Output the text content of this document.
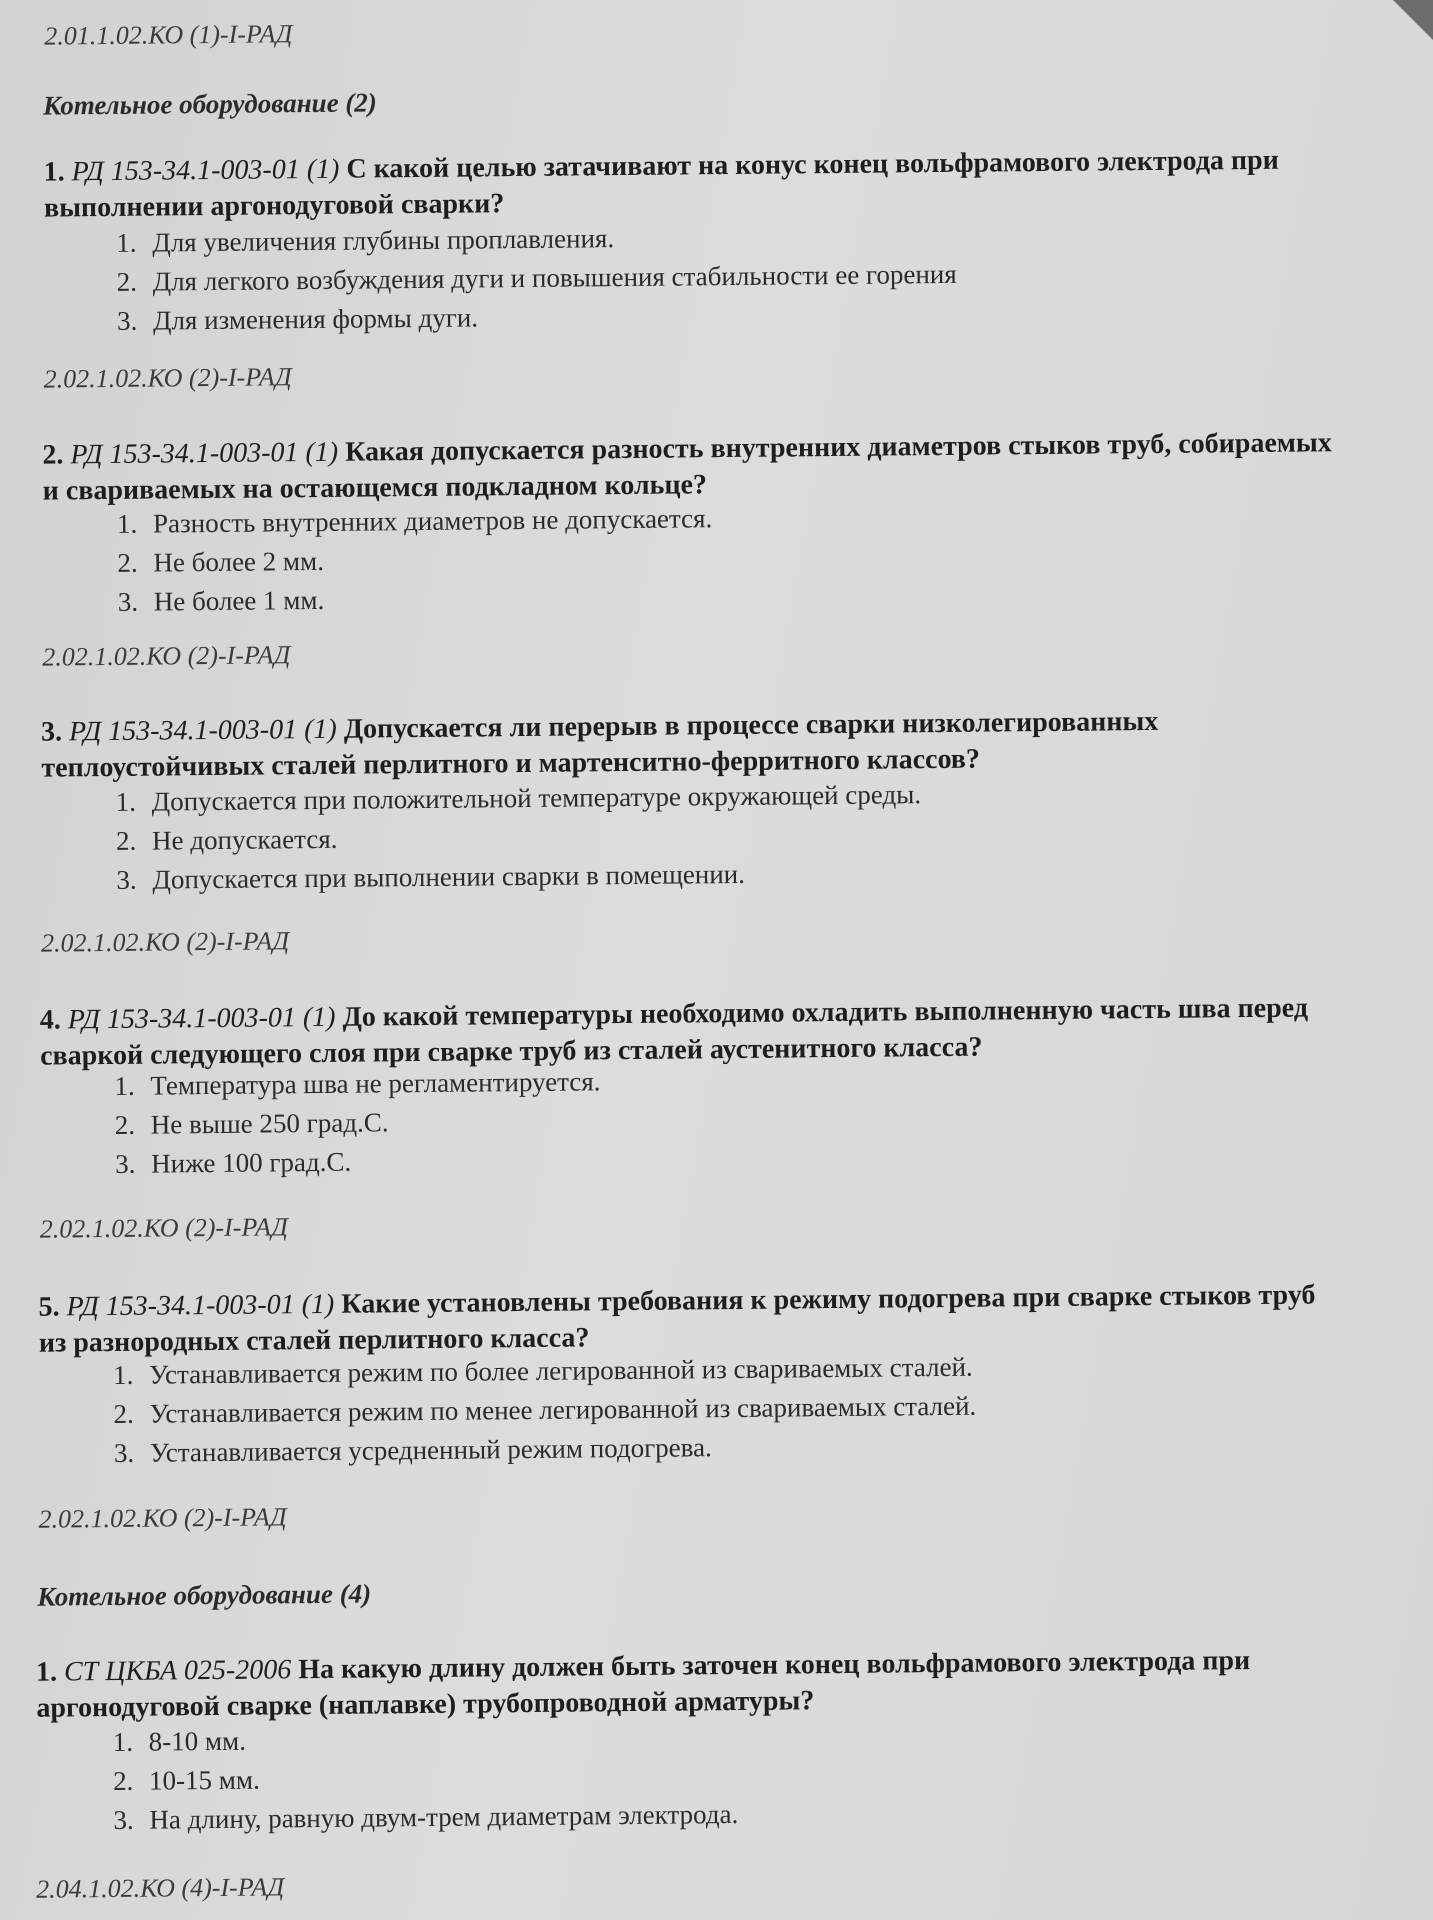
2.01.1.02.КО (1)-I-РАД
Котельное оборудование (2)
1. РД 153-34.1-003-01 (1) С какой целью затачивают на конус конец вольфрамового электрода при
выполнении аргонодуговой сварки?
1. Для увеличения глубины проплавления.
2. Для легкого возбуждения дуги и повышения стабильности ее горения
3. Для изменения формы дуги.
2.02.1.02.КО (2)-I-РАД
2. РД 153-34.1-003-01 (1) Какая допускается разность внутренних диаметров стыков труб, собираемых
и свариваемых на остающемся подкладном кольце?
1. Разность внутренних диаметров не допускается.
2. Не более 2 мм.
3. Не более 1 мм.
2.02.1.02.КО (2)-I-РАД
3. РД 153-34.1-003-01 (1) Допускается ли перерыв в процессе сварки низколегированных
теплоустойчивых сталей перлитного и мартенситно-ферритного классов?
1. Допускается при положительной температуре окружающей среды.
2. Не допускается.
3. Допускается при выполнении сварки в помещении.
2.02.1.02.КО (2)-I-РАД
4. РД 153-34.1-003-01 (1) До какой температуры необходимо охладить выполненную часть шва перед
сваркой следующего слоя при сварке труб из сталей аустенитного класса?
1. Температура шва не регламентируется.
2. Не выше 250 град.С.
3. Ниже 100 град.С.
2.02.1.02.КО (2)-I-РАД
5. РД 153-34.1-003-01 (1) Какие установлены требования к режиму подогрева при сварке стыков труб
из разнородных сталей перлитного класса?
1. Устанавливается режим по более легированной из свариваемых сталей.
2. Устанавливается режим по менее легированной из свариваемых сталей.
3. Устанавливается усредненный режим подогрева.
2.02.1.02.КО (2)-I-РАД
Котельное оборудование (4)
1. СТ ЦКБА 025-2006 На какую длину должен быть заточен конец вольфрамового электрода при
аргонодуговой сварке (наплавке) трубопроводной арматуры?
1. 8-10 мм.
2. 10-15 мм.
3. На длину, равную двум-трем диаметрам электрода.
2.04.1.02.КО (4)-I-РАД
